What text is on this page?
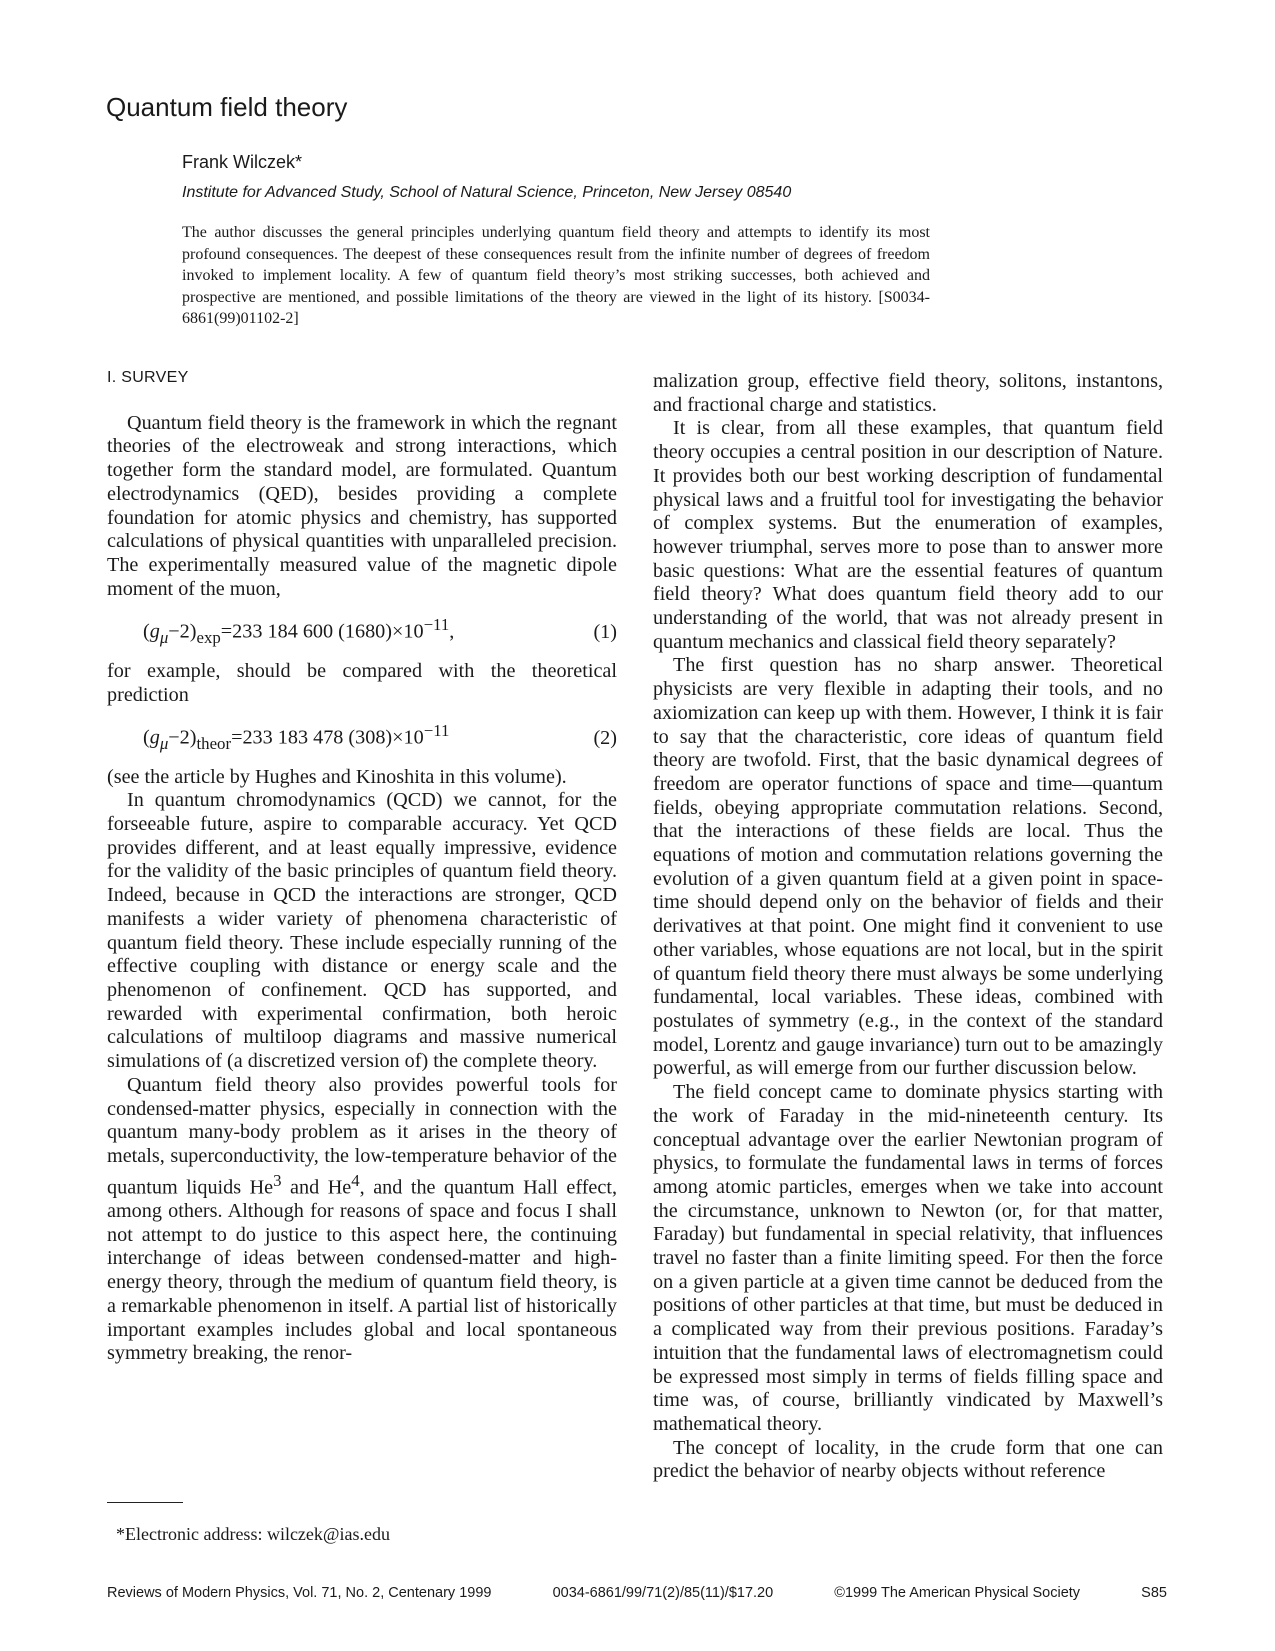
Quantum field theory
Frank Wilczek*
Institute for Advanced Study, School of Natural Science, Princeton, New Jersey 08540

The author discusses the general principles underlying quantum field theory and attempts to identify its most profound consequences. The deepest of these consequences result from the infinite number of degrees of freedom invoked to implement locality. A few of quantum field theory’s most striking successes, both achieved and prospective are mentioned, and possible limitations of the theory are viewed in the light of its history. [S0034-6861(99)01102-2]

I. SURVEY

Quantum field theory is the framework in which the regnant theories of the electroweak and strong interactions, which together form the standard model, are formulated. Quantum electrodynamics (QED), besides providing a complete foundation for atomic physics and chemistry, has supported calculations of physical quantities with unparalleled precision. The experimentally measured value of the magnetic dipole moment of the muon,

$(g_\mu-2)_{exp}=233$ 184 600 $(1680)\times 10^{-11}$,	(1)

for example, should be compared with the theoretical prediction

$(g_\mu-2)_{theor}=233$ 183 478 $(308)\times 10^{-11}$	(2)

(see the article by Hughes and Kinoshita in this volume).

In quantum chromodynamics (QCD) we cannot, for the forseeable future, aspire to comparable accuracy. Yet QCD provides different, and at least equally impressive, evidence for the validity of the basic principles of quantum field theory. Indeed, because in QCD the interactions are stronger, QCD manifests a wider variety of phenomena characteristic of quantum field theory. These include especially running of the effective coupling with distance or energy scale and the phenomenon of confinement. QCD has supported, and rewarded with experimental confirmation, both heroic calculations of multiloop diagrams and massive numerical simulations of (a discretized version of) the complete theory.

Quantum field theory also provides powerful tools for condensed-matter physics, especially in connection with the quantum many-body problem as it arises in the theory of metals, superconductivity, the low-temperature behavior of the quantum liquids He$^3$ and He$^4$, and the quantum Hall effect, among others. Although for reasons of space and focus I shall not attempt to do justice to this aspect here, the continuing interchange of ideas between condensed-matter and high-energy theory, through the medium of quantum field theory, is a remarkable phenomenon in itself. A partial list of historically important examples includes global and local spontaneous symmetry breaking, the renor-

malization group, effective field theory, solitons, instantons, and fractional charge and statistics.

It is clear, from all these examples, that quantum field theory occupies a central position in our description of Nature. It provides both our best working description of fundamental physical laws and a fruitful tool for investigating the behavior of complex systems. But the enumeration of examples, however triumphal, serves more to pose than to answer more basic questions: What are the essential features of quantum field theory? What does quantum field theory add to our understanding of the world, that was not already present in quantum mechanics and classical field theory separately?

The first question has no sharp answer. Theoretical physicists are very flexible in adapting their tools, and no axiomization can keep up with them. However, I think it is fair to say that the characteristic, core ideas of quantum field theory are twofold. First, that the basic dynamical degrees of freedom are operator functions of space and time—quantum fields, obeying appropriate commutation relations. Second, that the interactions of these fields are local. Thus the equations of motion and commutation relations governing the evolution of a given quantum field at a given point in space-time should depend only on the behavior of fields and their derivatives at that point. One might find it convenient to use other variables, whose equations are not local, but in the spirit of quantum field theory there must always be some underlying fundamental, local variables. These ideas, combined with postulates of symmetry (e.g., in the context of the standard model, Lorentz and gauge invariance) turn out to be amazingly powerful, as will emerge from our further discussion below.

The field concept came to dominate physics starting with the work of Faraday in the mid-nineteenth century. Its conceptual advantage over the earlier Newtonian program of physics, to formulate the fundamental laws in terms of forces among atomic particles, emerges when we take into account the circumstance, unknown to Newton (or, for that matter, Faraday) but fundamental in special relativity, that influences travel no faster than a finite limiting speed. For then the force on a given particle at a given time cannot be deduced from the positions of other particles at that time, but must be deduced in a complicated way from their previous positions. Faraday’s intuition that the fundamental laws of electromagnetism could be expressed most simply in terms of fields filling space and time was, of course, brilliantly vindicated by Maxwell’s mathematical theory.

The concept of locality, in the crude form that one can predict the behavior of nearby objects without reference

*Electronic address: wilczek@ias.edu
Reviews of Modern Physics, Vol. 71, No. 2, Centenary 1999	0034-6861/99/71(2)/85(11)/$17.20	©1999 The American Physical Society	S85
